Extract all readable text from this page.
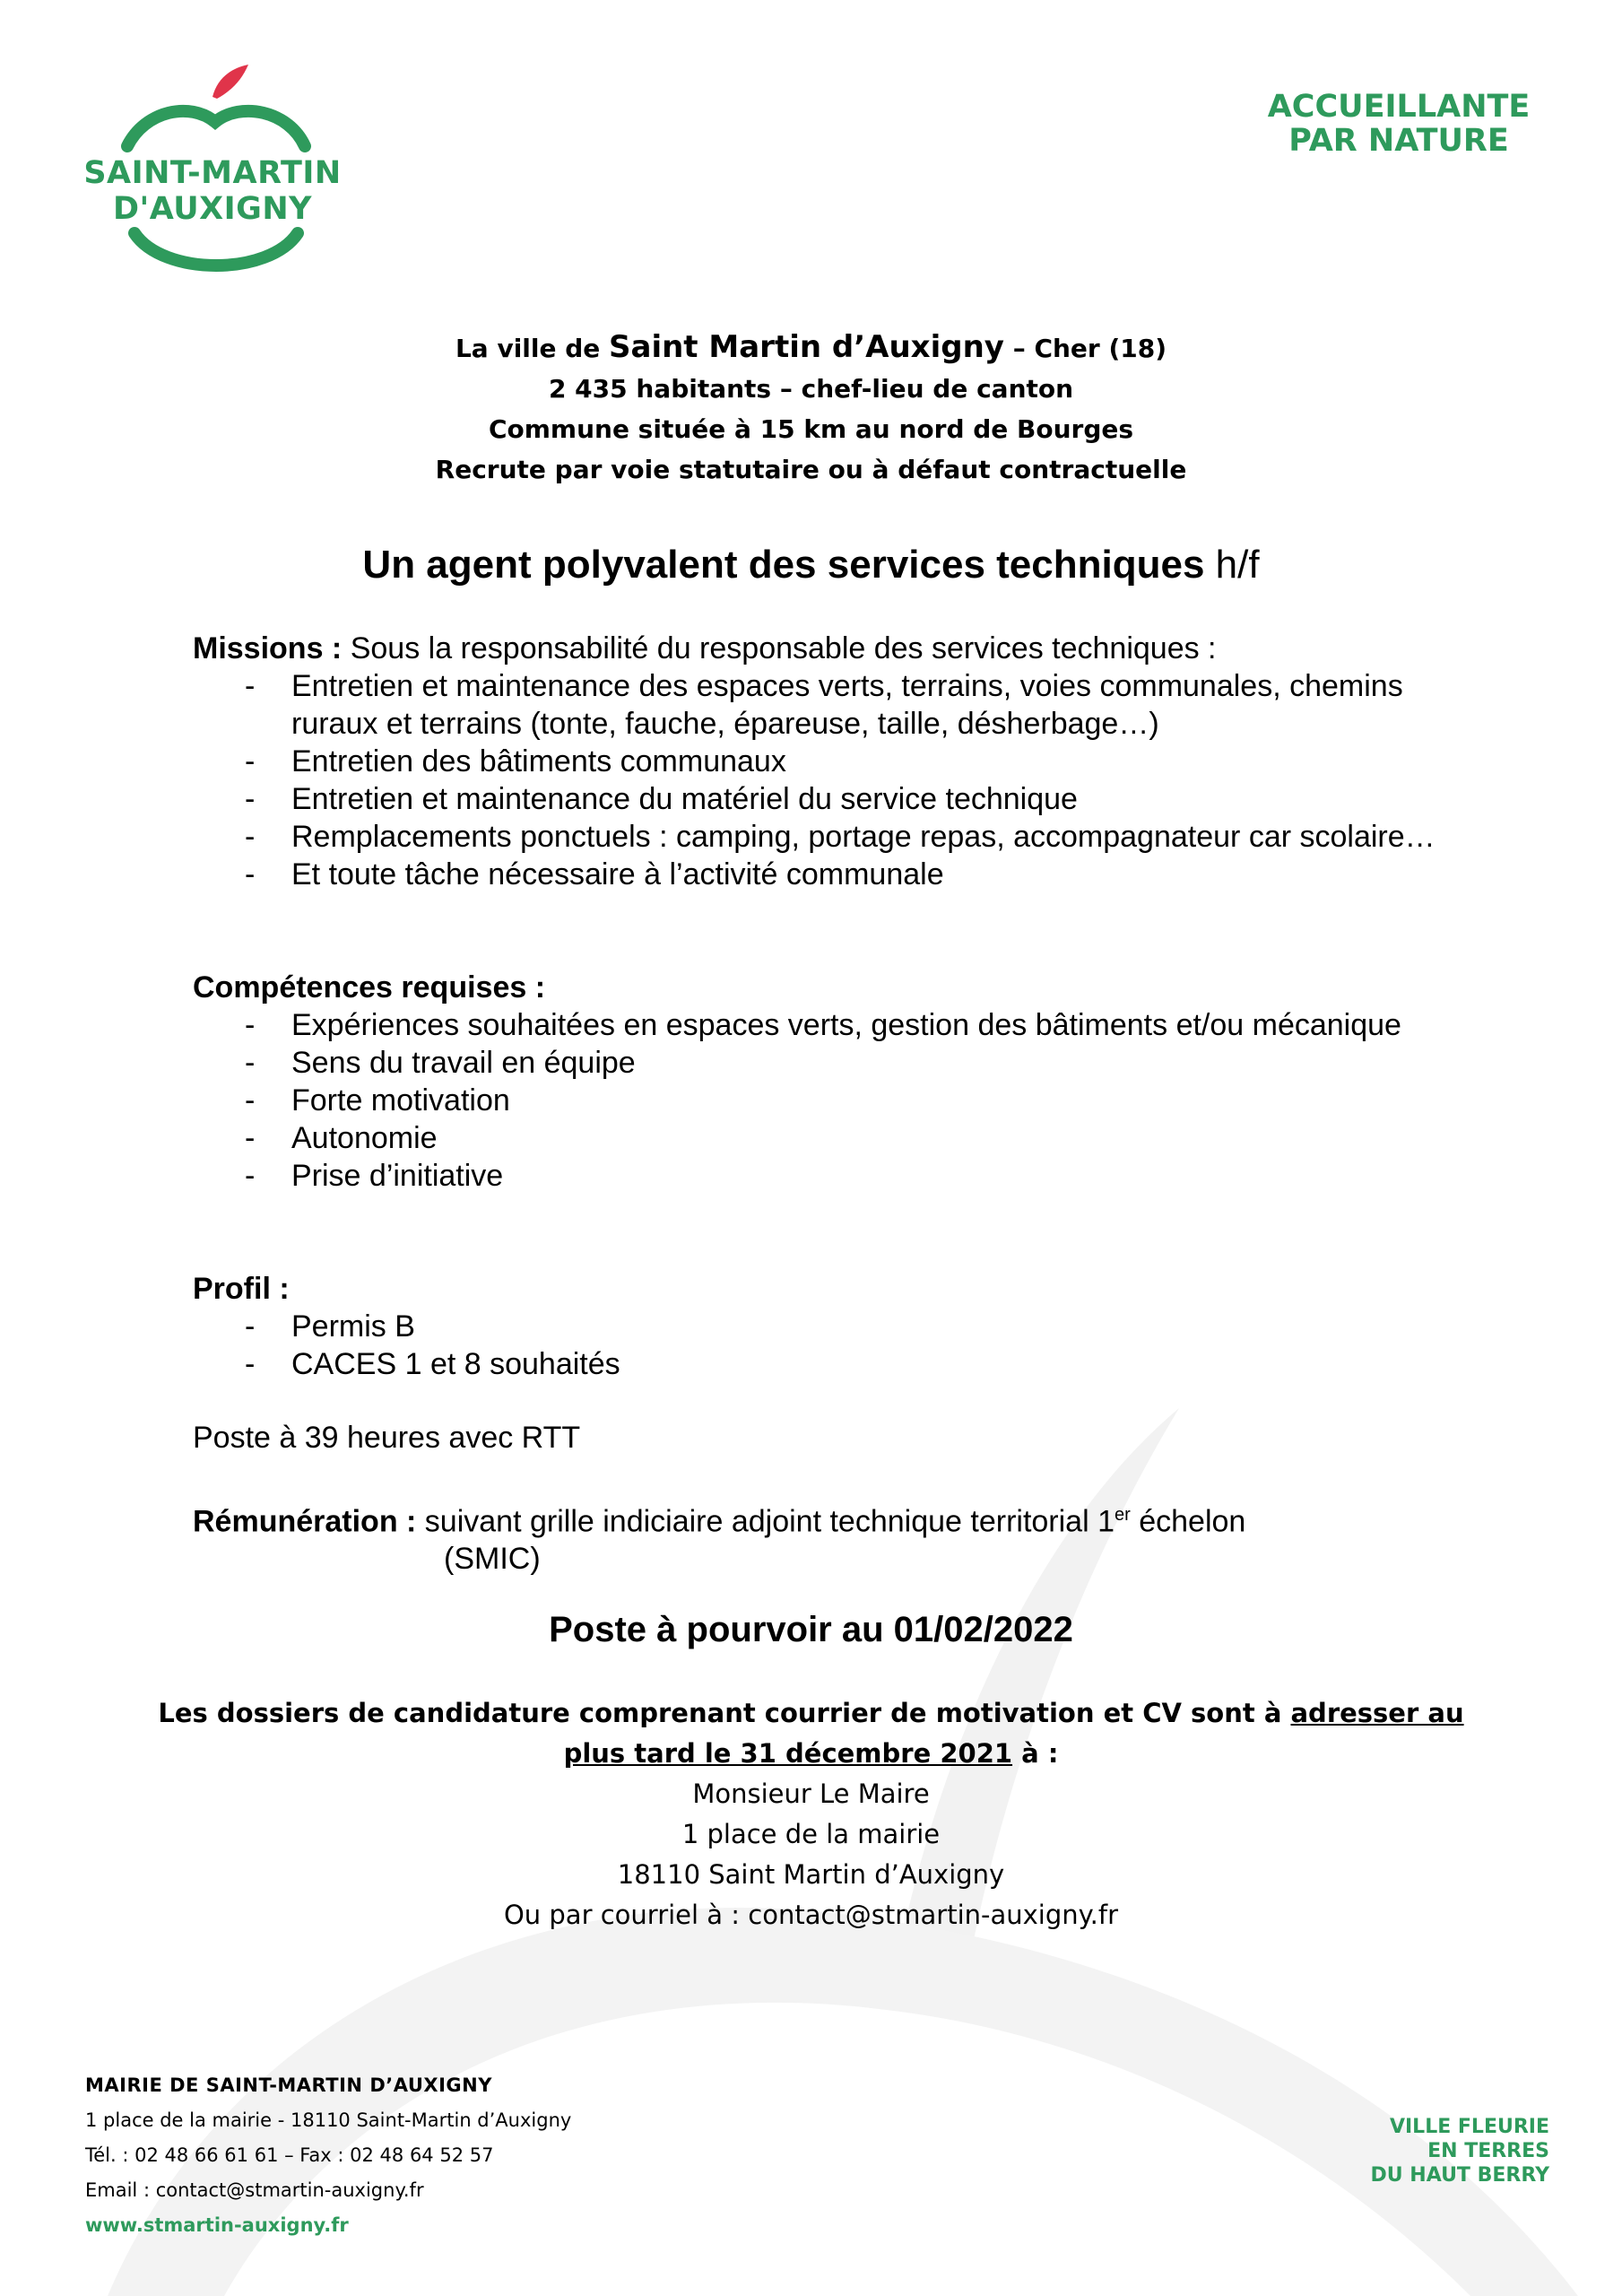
SAINT-MARTIN
D'AUXIGNY
ACCUEILLANTE
PAR NATURE
La ville de Saint Martin d’Auxigny – Cher (18)
2 435 habitants – chef-lieu de canton
Commune située à 15 km au nord de Bourges
Recrute par voie statutaire ou à défaut contractuelle
Un agent polyvalent des services techniques h/f
Missions : Sous la responsabilité du responsable des services techniques :
- Entretien et maintenance des espaces verts, terrains, voies communales, chemins ruraux et terrains (tonte, fauche, épareuse, taille, désherbage…)
- Entretien des bâtiments communaux
- Entretien et maintenance du matériel du service technique
- Remplacements ponctuels : camping, portage repas, accompagnateur car scolaire…
- Et toute tâche nécessaire à l’activité communale
Compétences requises :
- Expériences souhaitées en espaces verts, gestion des bâtiments et/ou mécanique
- Sens du travail en équipe
- Forte motivation
- Autonomie
- Prise d’initiative
Profil :
- Permis B
- CACES 1 et 8 souhaités
Poste à 39 heures avec RTT
Rémunération : suivant grille indiciaire adjoint technique territorial 1er échelon
(SMIC)
Poste à pourvoir au 01/02/2022
Les dossiers de candidature comprenant courrier de motivation et CV sont à adresser au
plus tard le 31 décembre 2021 à :
Monsieur Le Maire
1 place de la mairie
18110 Saint Martin d’Auxigny
Ou par courriel à : contact@stmartin-auxigny.fr
MAIRIE DE SAINT-MARTIN D’AUXIGNY
1 place de la mairie - 18110 Saint-Martin d’Auxigny
Tél. : 02 48 66 61 61 – Fax : 02 48 64 52 57
Email : contact@stmartin-auxigny.fr
www.stmartin-auxigny.fr
VILLE FLEURIE
EN TERRES
DU HAUT BERRY
